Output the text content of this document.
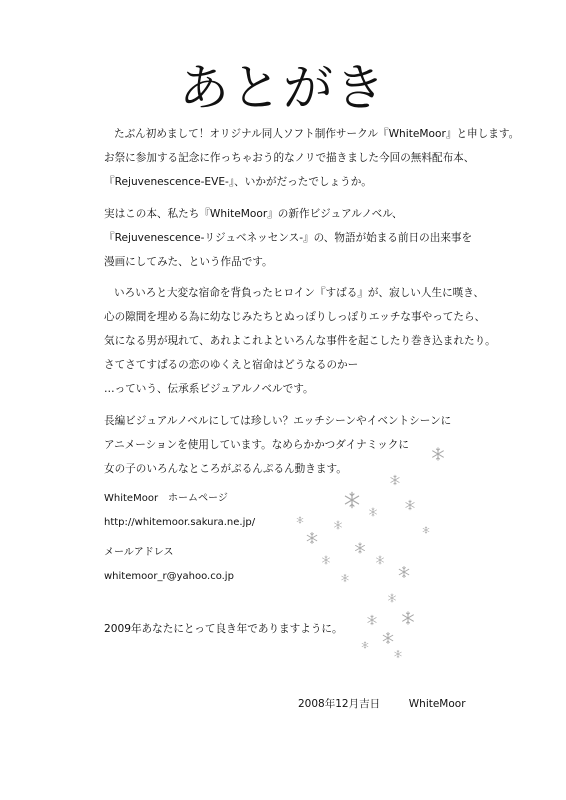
あとがき
たぶん初めまして！オリジナル同人ソフト制作サークル『WhiteMoor』と申します。
お祭に参加する記念に作っちゃおう的なノリで描きました今回の無料配布本、
『Rejuvenescence-EVE-』、いかがだったでしょうか。
実はこの本、私たち『WhiteMoor』の新作ビジュアルノベル、
『Rejuvenescence-リジュベネッセンス-』の、物語が始まる前日の出来事を
漫画にしてみた、という作品です。
いろいろと大変な宿命を背負ったヒロイン『すばる』が、寂しい人生に嘆き、
心の隙間を埋める為に幼なじみたちとぬっぽりしっぽりエッチな事やってたら、
気になる男が現れて、あれよこれよといろんな事件を起こしたり巻き込まれたり。
さてさてすばるの恋のゆくえと宿命はどうなるのかー
…っていう、伝承系ビジュアルノベルです。
長編ビジュアルノベルにしては珍しい？エッチシーンやイベントシーンに
アニメーションを使用しています。なめらかかつダイナミックに
女の子のいろんなところがぷるんぷるん動きます。
WhiteMoor　ホームページ
http://whitemoor.sakura.ne.jp/
メールアドレス
whitemoor_r@yahoo.co.jp
2009年あなたにとって良き年でありますように。
2008年12月吉日	WhiteMoor
